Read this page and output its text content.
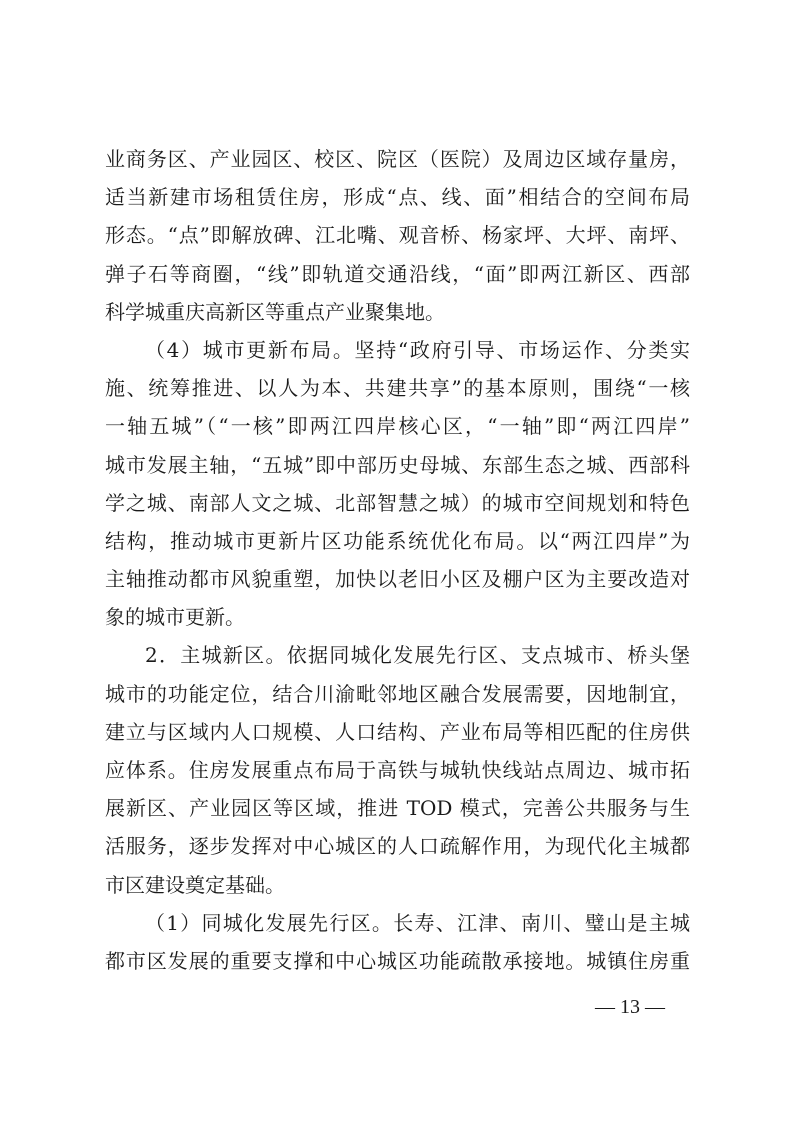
业商务区、产业园区、校区、院区（医院）及周边区域存量房，
适当新建市场租赁住房，形成“点、线、面”相结合的空间布局
形态。“点”即解放碑、江北嘴、观音桥、杨家坪、大坪、南坪、
弹子石等商圈，“线”即轨道交通沿线，“面”即两江新区、西部
科学城重庆高新区等重点产业聚集地。
（4）城市更新布局。坚持“政府引导、市场运作、分类实
施、统筹推进、以人为本、共建共享”的基本原则，围绕“一核
一轴五城”（“一核”即两江四岸核心区，“一轴”即“两江四岸”
城市发展主轴，“五城”即中部历史母城、东部生态之城、西部科
学之城、南部人文之城、北部智慧之城）的城市空间规划和特色
结构，推动城市更新片区功能系统优化布局。以“两江四岸”为
主轴推动都市风貌重塑，加快以老旧小区及棚户区为主要改造对
象的城市更新。
2．主城新区。依据同城化发展先行区、支点城市、桥头堡
城市的功能定位，结合川渝毗邻地区融合发展需要，因地制宜，
建立与区域内人口规模、人口结构、产业布局等相匹配的住房供
应体系。住房发展重点布局于高铁与城轨快线站点周边、城市拓
展新区、产业园区等区域，推进 TOD 模式，完善公共服务与生
活服务，逐步发挥对中心城区的人口疏解作用，为现代化主城都
市区建设奠定基础。
（1）同城化发展先行区。长寿、江津、南川、璧山是主城
都市区发展的重要支撑和中心城区功能疏散承接地。城镇住房重
— 13 —
